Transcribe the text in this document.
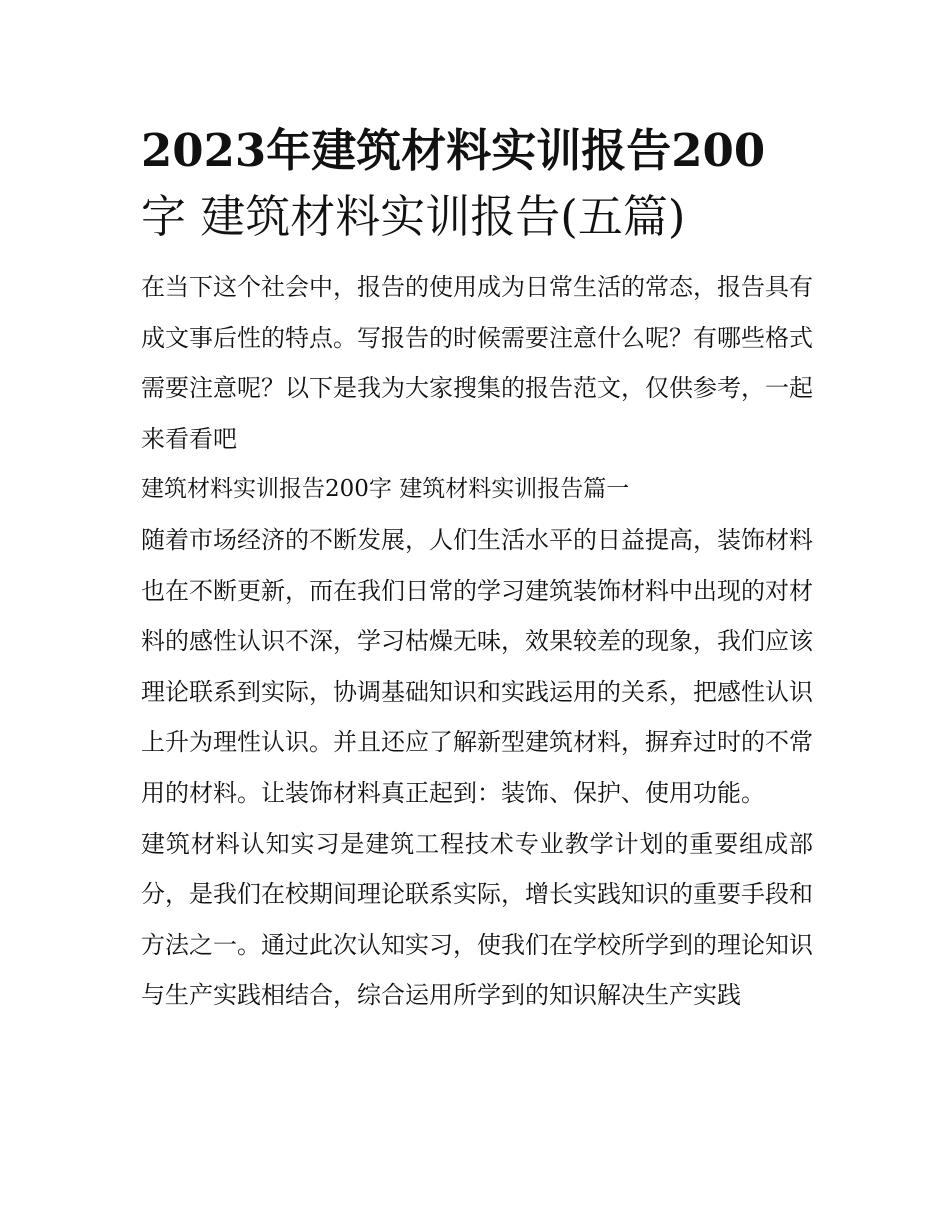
2023年建筑材料实训报告200
字 建筑材料实训报告(五篇)

在当下这个社会中，报告的使用成为日常生活的常态，报告具有成文事后性的特点。写报告的时候需要注意什么呢？有哪些格式需要注意呢？以下是我为大家搜集的报告范文，仅供参考，一起来看看吧

建筑材料实训报告200字 建筑材料实训报告篇一

随着市场经济的不断发展，人们生活水平的日益提高，装饰材料也在不断更新，而在我们日常的学习建筑装饰材料中出现的对材料的感性认识不深，学习枯燥无味，效果较差的现象，我们应该理论联系到实际，协调基础知识和实践运用的关系，把感性认识上升为理性认识。并且还应了解新型建筑材料，摒弃过时的不常用的材料。让装饰材料真正起到：装饰、保护、使用功能。

建筑材料认知实习是建筑工程技术专业教学计划的重要组成部分，是我们在校期间理论联系实际，增长实践知识的重要手段和方法之一。通过此次认知实习，使我们在学校所学到的理论知识与生产实践相结合，综合运用所学到的知识解决生产实践
